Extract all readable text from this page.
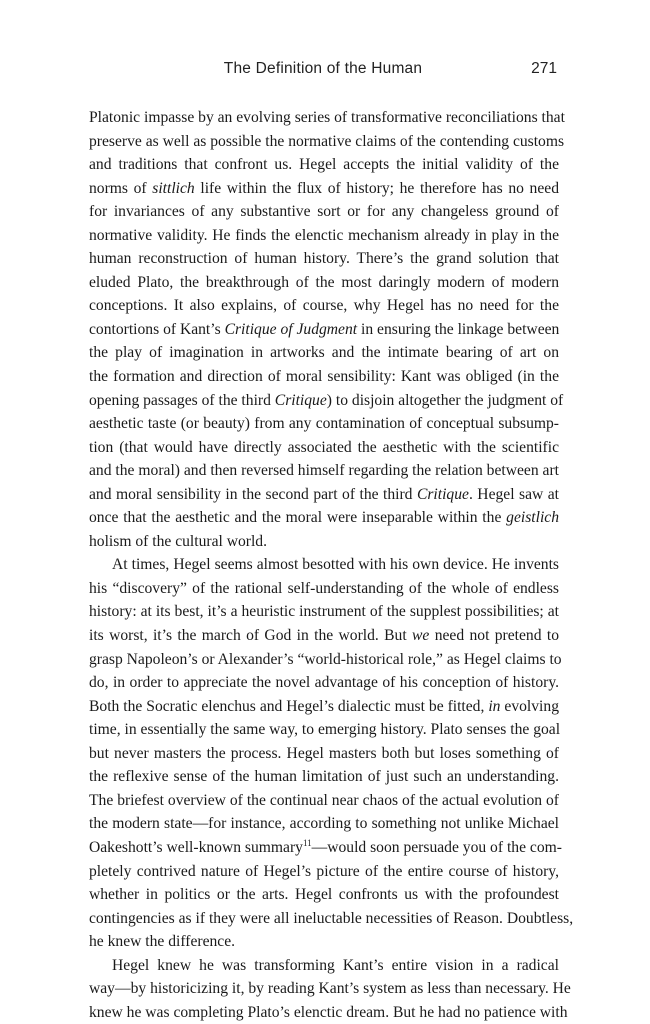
The Definition of the Human	271
Platonic impasse by an evolving series of transformative reconciliations that
preserve as well as possible the normative claims of the contending customs
and traditions that confront us. Hegel accepts the initial validity of the
norms of sittlich life within the flux of history; he therefore has no need
for invariances of any substantive sort or for any changeless ground of
normative validity. He finds the elenctic mechanism already in play in the
human reconstruction of human history. There’s the grand solution that
eluded Plato, the breakthrough of the most daringly modern of modern
conceptions. It also explains, of course, why Hegel has no need for the
contortions of Kant’s Critique of Judgment in ensuring the linkage between
the play of imagination in artworks and the intimate bearing of art on
the formation and direction of moral sensibility: Kant was obliged (in the
opening passages of the third Critique) to disjoin altogether the judgment of
aesthetic taste (or beauty) from any contamination of conceptual subsump-
tion (that would have directly associated the aesthetic with the scientific
and the moral) and then reversed himself regarding the relation between art
and moral sensibility in the second part of the third Critique. Hegel saw at
once that the aesthetic and the moral were inseparable within the geistlich
holism of the cultural world.
At times, Hegel seems almost besotted with his own device. He invents
his “discovery” of the rational self-understanding of the whole of endless
history: at its best, it’s a heuristic instrument of the supplest possibilities; at
its worst, it’s the march of God in the world. But we need not pretend to
grasp Napoleon’s or Alexander’s “world-historical role,” as Hegel claims to
do, in order to appreciate the novel advantage of his conception of history.
Both the Socratic elenchus and Hegel’s dialectic must be fitted, in evolving
time, in essentially the same way, to emerging history. Plato senses the goal
but never masters the process. Hegel masters both but loses something of
the reflexive sense of the human limitation of just such an understanding.
The briefest overview of the continual near chaos of the actual evolution of
the modern state—for instance, according to something not unlike Michael
Oakeshott’s well-known summary$^{11}$—would soon persuade you of the com-
pletely contrived nature of Hegel’s picture of the entire course of history,
whether in politics or the arts. Hegel confronts us with the profoundest
contingencies as if they were all ineluctable necessities of Reason. Doubtless,
he knew the difference.
Hegel knew he was transforming Kant’s entire vision in a radical
way—by historicizing it, by reading Kant’s system as less than necessary. He
knew he was completing Plato’s elenctic dream. But he had no patience with
